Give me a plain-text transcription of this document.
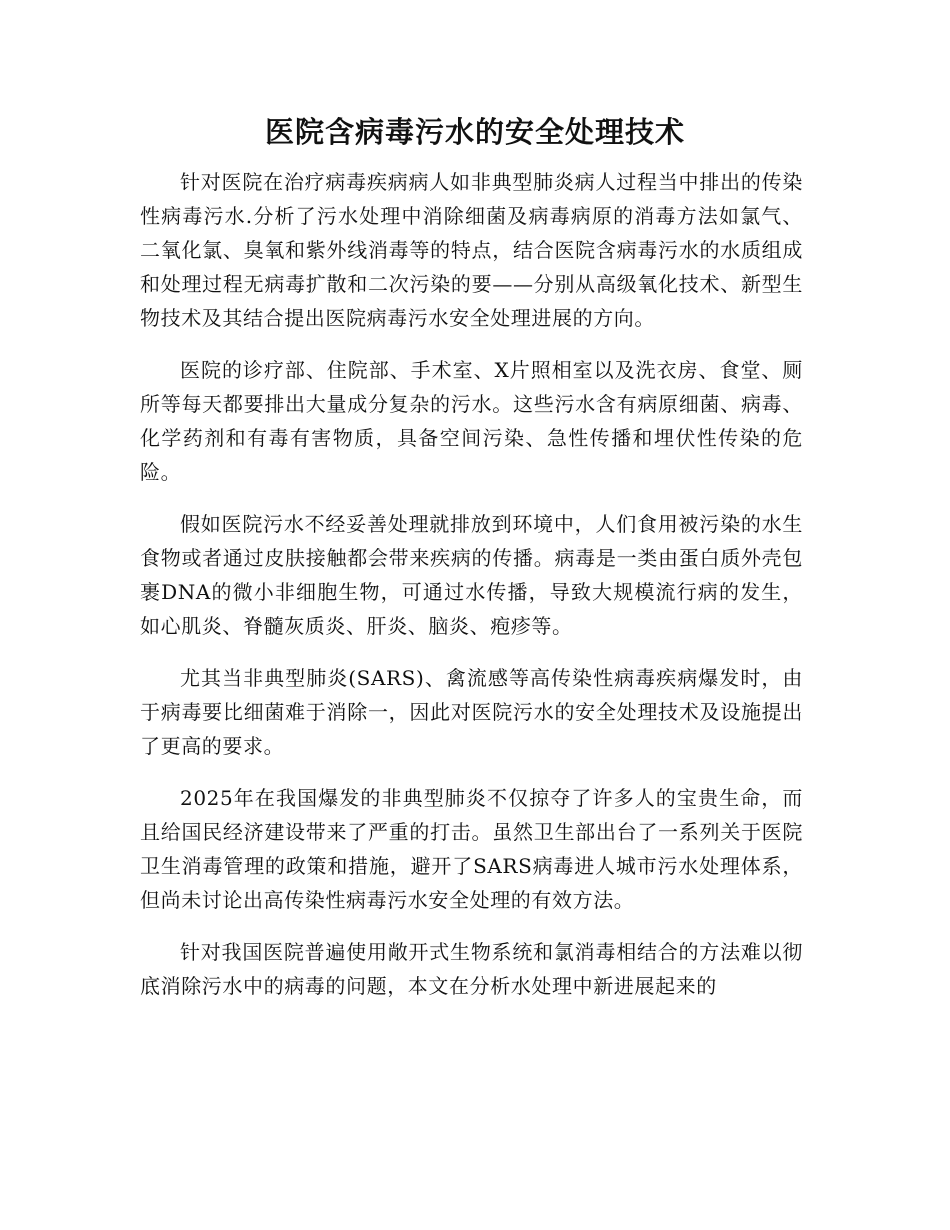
医院含病毒污水的安全处理技术

针对医院在治疗病毒疾病病人如非典型肺炎病人过程当中排出的传染性病毒污水.分析了污水处理中消除细菌及病毒病原的消毒方法如氯气、二氧化氯、臭氧和紫外线消毒等的特点，结合医院含病毒污水的水质组成和处理过程无病毒扩散和二次污染的要——分别从高级氧化技术、新型生物技术及其结合提出医院病毒污水安全处理进展的方向。

医院的诊疗部、住院部、手术室、X片照相室以及洗衣房、食堂、厕所等每天都要排出大量成分复杂的污水。这些污水含有病原细菌、病毒、化学药剂和有毒有害物质，具备空间污染、急性传播和埋伏性传染的危险。

假如医院污水不经妥善处理就排放到环境中，人们食用被污染的水生食物或者通过皮肤接触都会带来疾病的传播。病毒是一类由蛋白质外壳包裹DNA的微小非细胞生物，可通过水传播，导致大规模流行病的发生，如心肌炎、脊髓灰质炎、肝炎、脑炎、疱疹等。

尤其当非典型肺炎(SARS)、禽流感等高传染性病毒疾病爆发时，由于病毒要比细菌难于消除一，因此对医院污水的安全处理技术及设施提出了更高的要求。

2025年在我国爆发的非典型肺炎不仅掠夺了许多人的宝贵生命，而且给国民经济建设带来了严重的打击。虽然卫生部出台了一系列关于医院卫生消毒管理的政策和措施，避开了SARS病毒进人城市污水处理体系，但尚未讨论出高传染性病毒污水安全处理的有效方法。

针对我国医院普遍使用敞开式生物系统和氯消毒相结合的方法难以彻底消除污水中的病毒的问题，本文在分析水处理中新进展起来的
